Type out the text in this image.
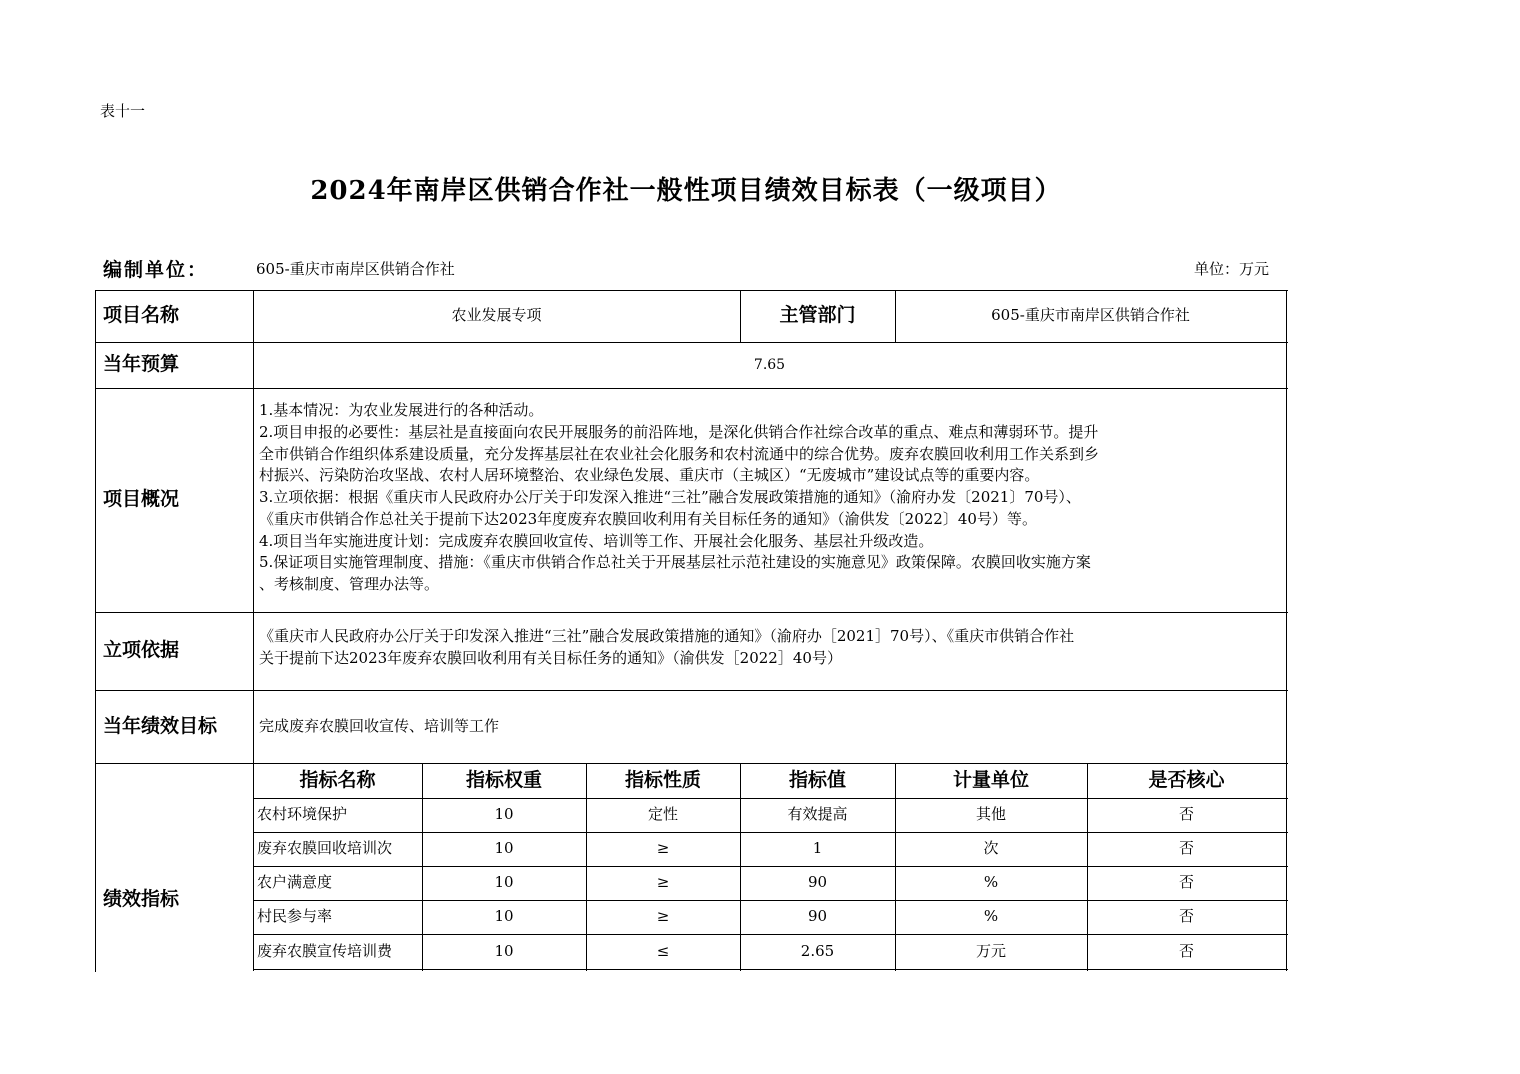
表十一
2024年南岸区供销合作社一般性项目绩效目标表（一级项目）
编制单位：	605-重庆市南岸区供销合作社	单位：万元
项目名称	农业发展专项	主管部门	605-重庆市南岸区供销合作社
当年预算	7.65
项目概况
1.基本情况：为农业发展进行的各种活动。
2.项目申报的必要性：基层社是直接面向农民开展服务的前沿阵地，是深化供销合作社综合改革的重点、难点和薄弱环节。提升
全市供销合作组织体系建设质量，充分发挥基层社在农业社会化服务和农村流通中的综合优势。废弃农膜回收利用工作关系到乡
村振兴、污染防治攻坚战、农村人居环境整治、农业绿色发展、重庆市（主城区）“无废城市”建设试点等的重要内容。
3.立项依据：根据《重庆市人民政府办公厅关于印发深入推进“三社”融合发展政策措施的通知》（渝府办发〔2021〕70号）、
《重庆市供销合作总社关于提前下达2023年度废弃农膜回收利用有关目标任务的通知》（渝供发〔2022〕40号）等。
4.项目当年实施进度计划：完成废弃农膜回收宣传、培训等工作、开展社会化服务、基层社升级改造。
5.保证项目实施管理制度、措施：《重庆市供销合作总社关于开展基层社示范社建设的实施意见》政策保障。农膜回收实施方案
、考核制度、管理办法等。
立项依据
《重庆市人民政府办公厅关于印发深入推进“三社”融合发展政策措施的通知》（渝府办［2021］70号）、《重庆市供销合作社
关于提前下达2023年废弃农膜回收利用有关目标任务的通知》（渝供发［2022］40号）
当年绩效目标	完成废弃农膜回收宣传、培训等工作
绩效指标
指标名称	指标权重	指标性质	指标值	计量单位	是否核心
农村环境保护	10	定性	有效提高	其他	否
废弃农膜回收培训次	10	≥	1	次	否
农户满意度	10	≥	90	%	否
村民参与率	10	≥	90	%	否
废弃农膜宣传培训费	10	≤	2.65	万元	否
